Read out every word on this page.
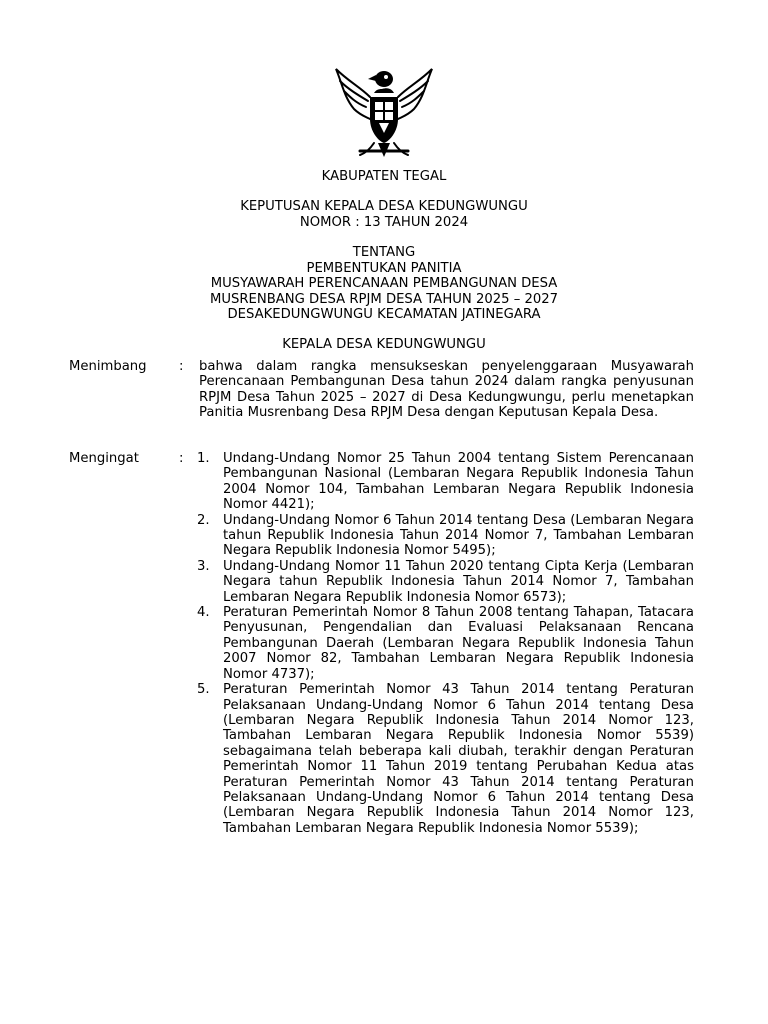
KABUPATEN TEGAL
KEPUTUSAN KEPALA DESA KEDUNGWUNGU
NOMOR : 13 TAHUN 2024
TENTANG
PEMBENTUKAN PANITIA
MUSYAWARAH PERENCANAAN PEMBANGUNAN DESA
MUSRENBANG DESA RPJM DESA TAHUN 2025 – 2027
DESAKEDUNGWUNGU KECAMATAN JATINEGARA
KEPALA DESA KEDUNGWUNGU
Menimbang : bahwa dalam rangka mensukseskan penyelenggaraan Musyawarah Perencanaan Pembangunan Desa tahun 2024 dalam rangka penyusunan RPJM Desa Tahun 2025 – 2027 di Desa Kedungwungu, perlu menetapkan Panitia Musrenbang Desa RPJM Desa dengan Keputusan Kepala Desa.
Mengingat	: 1.	Undang-Undang Nomor 25 Tahun 2004 tentang Sistem Perencanaan Pembangunan Nasional (Lembaran Negara Republik Indonesia Tahun 2004 Nomor 104, Tambahan Lembaran Negara Republik Indonesia Nomor 4421);
2.	Undang-Undang Nomor 6 Tahun 2014 tentang Desa (Lembaran Negara tahun Republik Indonesia Tahun 2014 Nomor 7, Tambahan Lembaran Negara Republik Indonesia Nomor 5495);
3.	Undang-Undang Nomor 11 Tahun 2020 tentang Cipta Kerja (Lembaran Negara tahun Republik Indonesia Tahun 2014 Nomor 7, Tambahan Lembaran Negara Republik Indonesia Nomor 6573);
4.	Peraturan Pemerintah Nomor 8 Tahun 2008 tentang Tahapan, Tatacara Penyusunan, Pengendalian dan Evaluasi Pelaksanaan Rencana Pembangunan Daerah (Lembaran Negara Republik Indonesia Tahun 2007 Nomor 82, Tambahan Lembaran Negara Republik Indonesia Nomor 4737);
5.	Peraturan Pemerintah Nomor 43 Tahun 2014 tentang Peraturan Pelaksanaan Undang-Undang Nomor 6 Tahun 2014 tentang Desa (Lembaran Negara Republik Indonesia Tahun 2014 Nomor 123, Tambahan Lembaran Negara Republik Indonesia Nomor 5539) sebagaimana telah beberapa kali diubah, terakhir dengan Peraturan Pemerintah Nomor 11 Tahun 2019 tentang Perubahan Kedua atas Peraturan Pemerintah Nomor 43 Tahun 2014 tentang Peraturan Pelaksanaan Undang-Undang Nomor 6 Tahun 2014 tentang Desa (Lembaran Negara Republik Indonesia Tahun 2014 Nomor 123, Tambahan Lembaran Negara Republik Indonesia Nomor 5539);
